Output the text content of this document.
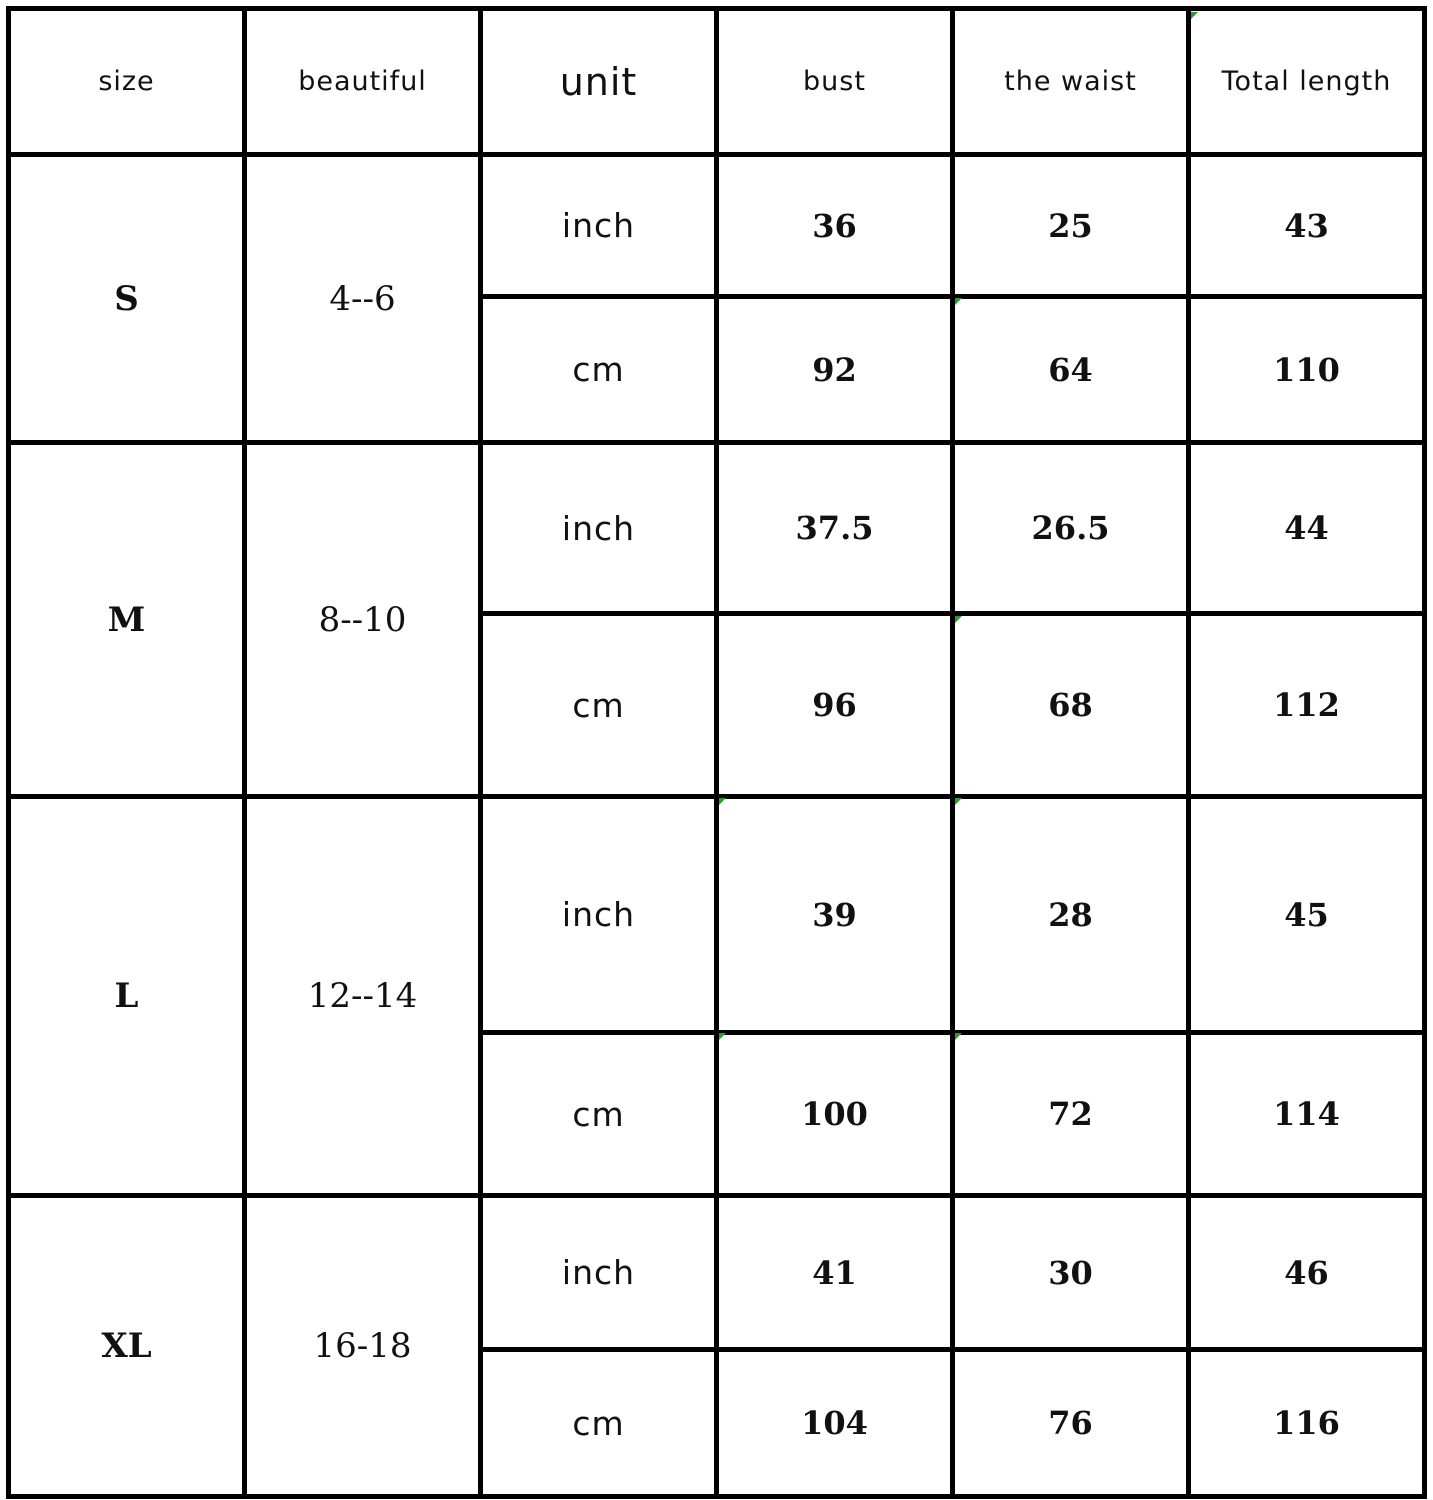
size	beautiful	unit	bust	the waist	Total length
S	4--6	inch	36	25	43
		cm	92	64	110
M	8--10	inch	37.5	26.5	44
		cm	96	68	112
L	12--14	inch	39	28	45
		cm	100	72	114
XL	16-18	inch	41	30	46
		cm	104	76	116
